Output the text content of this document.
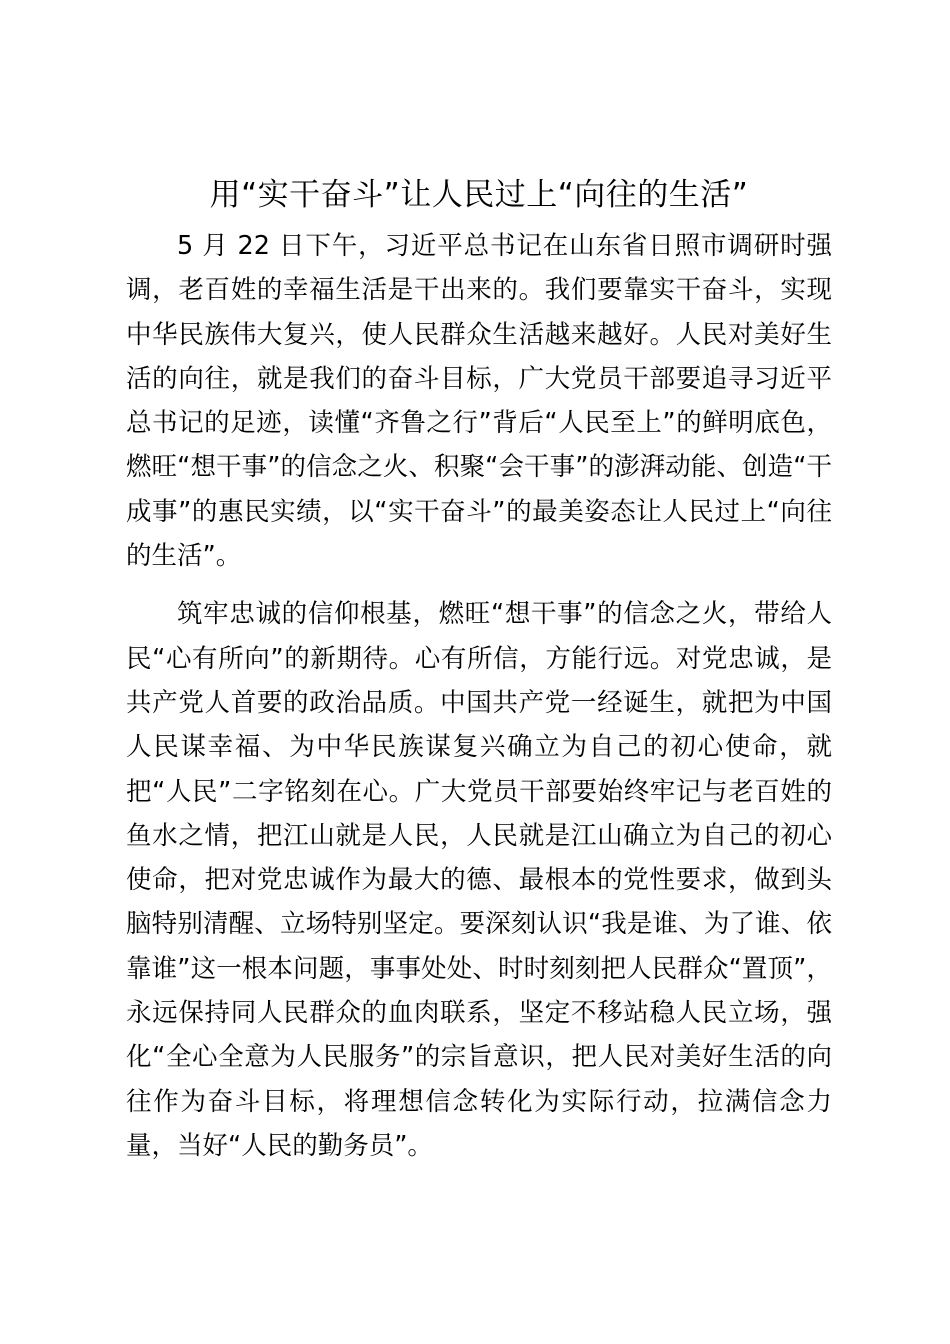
用“实干奋斗”让人民过上“向往的生活”

5 月 22 日下午，习近平总书记在山东省日照市调研时强调，老百姓的幸福生活是干出来的。我们要靠实干奋斗，实现中华民族伟大复兴，使人民群众生活越来越好。人民对美好生活的向往，就是我们的奋斗目标，广大党员干部要追寻习近平总书记的足迹，读懂“齐鲁之行”背后“人民至上”的鲜明底色，燃旺“想干事”的信念之火、积聚“会干事”的澎湃动能、创造“干成事”的惠民实绩，以“实干奋斗”的最美姿态让人民过上“向往的生活”。

筑牢忠诚的信仰根基，燃旺“想干事”的信念之火，带给人民“心有所向”的新期待。心有所信，方能行远。对党忠诚，是共产党人首要的政治品质。中国共产党一经诞生，就把为中国人民谋幸福、为中华民族谋复兴确立为自己的初心使命，就把“人民”二字铭刻在心。广大党员干部要始终牢记与老百姓的鱼水之情，把江山就是人民，人民就是江山确立为自己的初心使命，把对党忠诚作为最大的德、最根本的党性要求，做到头脑特别清醒、立场特别坚定。要深刻认识“我是谁、为了谁、依靠谁”这一根本问题，事事处处、时时刻刻把人民群众“置顶”，永远保持同人民群众的血肉联系，坚定不移站稳人民立场，强化“全心全意为人民服务”的宗旨意识，把人民对美好生活的向往作为奋斗目标，将理想信念转化为实际行动，拉满信念力量，当好“人民的勤务员”。
